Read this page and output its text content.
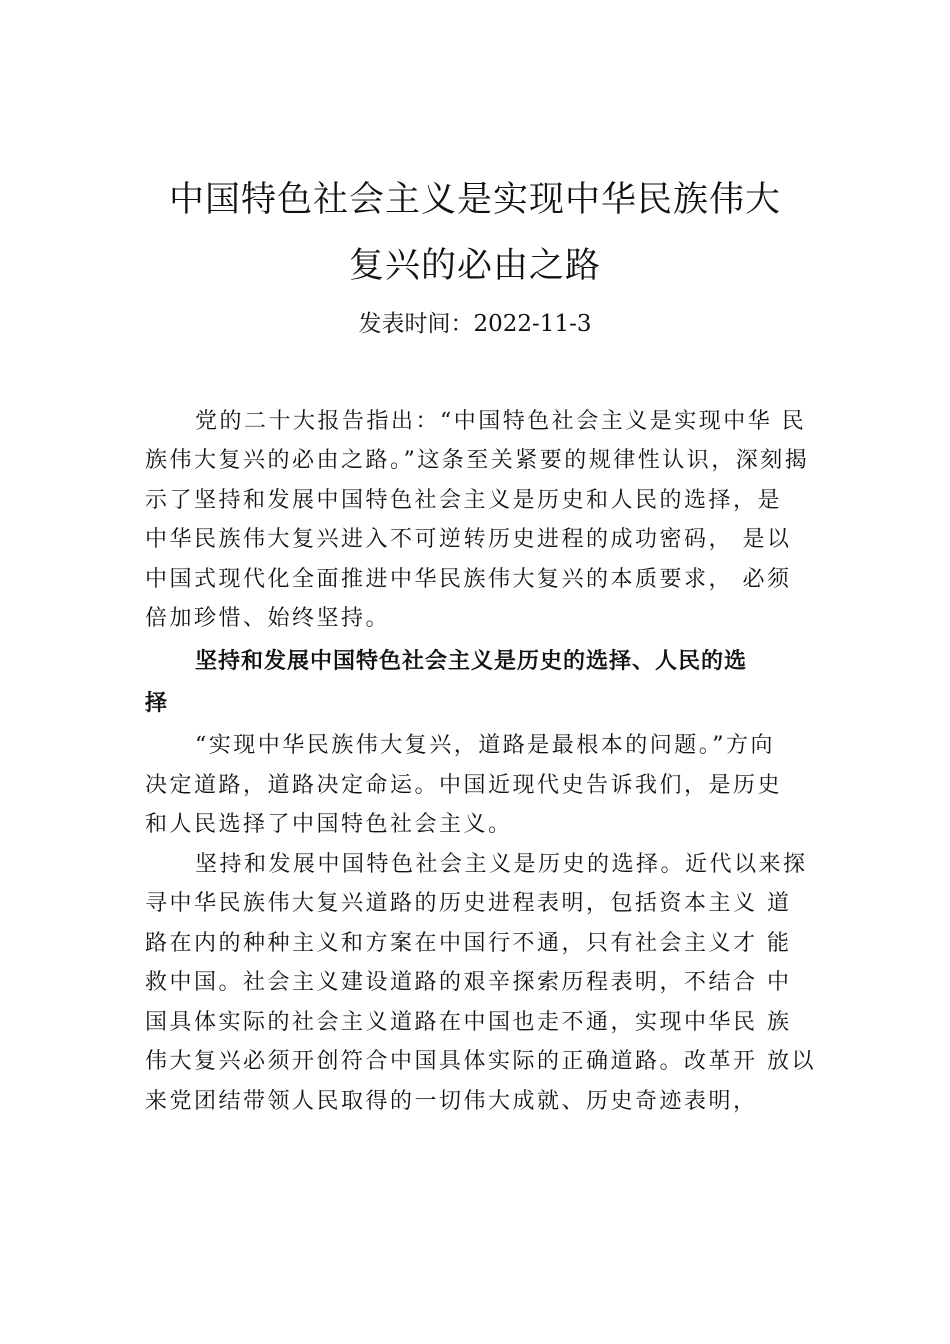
中国特色社会主义是实现中华民族伟大
复兴的必由之路
发表时间：2022-11-3
党的二十大报告指出：“中国特色社会主义是实现中华 民
族伟大复兴的必由之路。”这条至关紧要的规律性认识，深刻揭
示了坚持和发展中国特色社会主义是历史和人民的选择，是
中华民族伟大复兴进入不可逆转历史进程的成功密码， 是以
中国式现代化全面推进中华民族伟大复兴的本质要求， 必须
倍加珍惜、始终坚持。
坚持和发展中国特色社会主义是历史的选择、人民的选
择
“实现中华民族伟大复兴，道路是最根本的问题。”方向
决定道路，道路决定命运。中国近现代史告诉我们，是历史
和人民选择了中国特色社会主义。
坚持和发展中国特色社会主义是历史的选择。近代以来探
寻中华民族伟大复兴道路的历史进程表明，包括资本主义 道
路在内的种种主义和方案在中国行不通，只有社会主义才 能
救中国。社会主义建设道路的艰辛探索历程表明，不结合 中
国具体实际的社会主义道路在中国也走不通，实现中华民 族
伟大复兴必须开创符合中国具体实际的正确道路。改革开 放以
来党团结带领人民取得的一切伟大成就、历史奇迹表明，
